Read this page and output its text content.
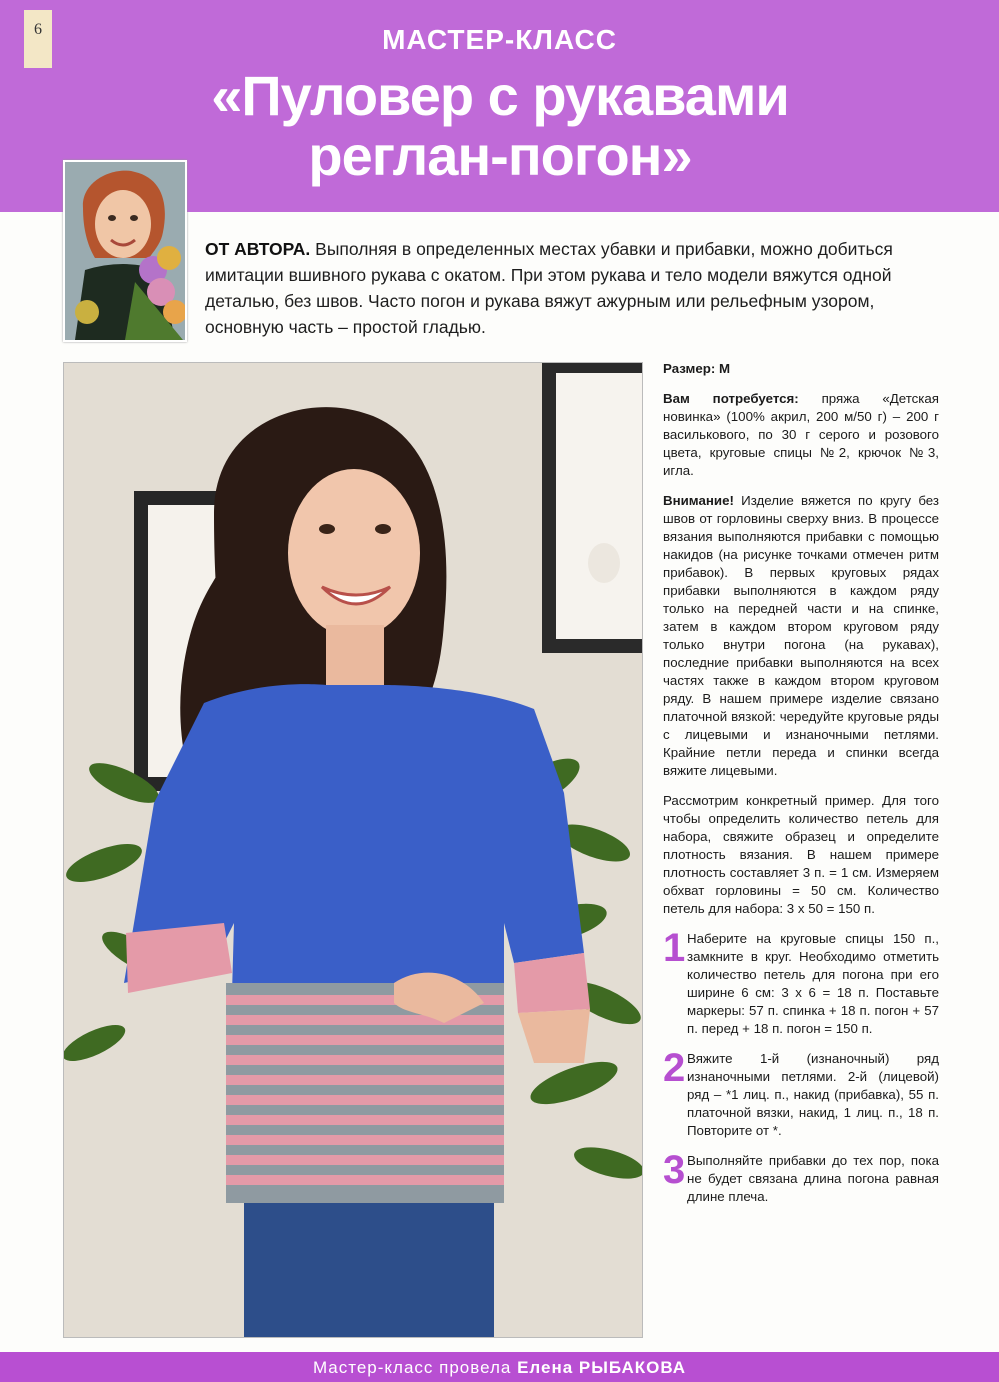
6	МАСТЕР-КЛАСС
«Пуловер с рукавами
реглан-погон»
ОТ АВТОРА. Выполняя в определенных местах убавки и прибавки, можно добиться имитации вшивного рукава с окатом. При этом рукава и тело модели вяжутся одной деталью, без швов. Часто погон и рукава вяжут ажурным или рельефным узором, основную часть – простой гладью.

Размер: М

Вам потребуется: пряжа «Детская новинка» (100% акрил, 200 м/50 г) – 200 г василькового, по 30 г серого и розового цвета, круговые спицы №2, крючок №3, игла.

Внимание! Изделие вяжется по кругу без швов от горловины сверху вниз. В процессе вязания выполняются прибавки с помощью накидов (на рисунке точками отмечен ритм прибавок). В первых круговых рядах прибавки выполняются в каждом ряду только на передней части и на спинке, затем в каждом втором круговом ряду только внутри погона (на рукавах), последние прибавки выполняются на всех частях также в каждом втором круговом ряду. В нашем примере изделие связано платочной вязкой: чередуйте круговые ряды с лицевыми и изнаночными петлями. Крайние петли переда и спинки всегда вяжите лицевыми.

Рассмотрим конкретный пример. Для того чтобы определить количество петель для набора, свяжите образец и определите плотность вязания. В нашем примере плотность составляет 3 п. = 1 см. Измеряем обхват горловины = 50 см. Количество петель для набора: 3 х 50 = 150 п.

1 Наберите на круговые спицы 150 п., замкните в круг. Необходимо отметить количество петель для погона при его ширине 6 см: 3 х 6 = 18 п. Поставьте маркеры: 57 п. спинка + 18 п. погон + 57 п. перед + 18 п. погон = 150 п.
2 Вяжите 1-й (изнаночный) ряд изнаночными петлями. 2-й (лицевой) ряд – *1 лиц. п., накид (прибавка), 55 п. платочной вязки, накид, 1 лиц. п., 18 п. Повторите от *.
3 Выполняйте прибавки до тех пор, пока не будет связана длина погона равная длине плеча.
Мастер-класс провела Елена РЫБАКОВА
